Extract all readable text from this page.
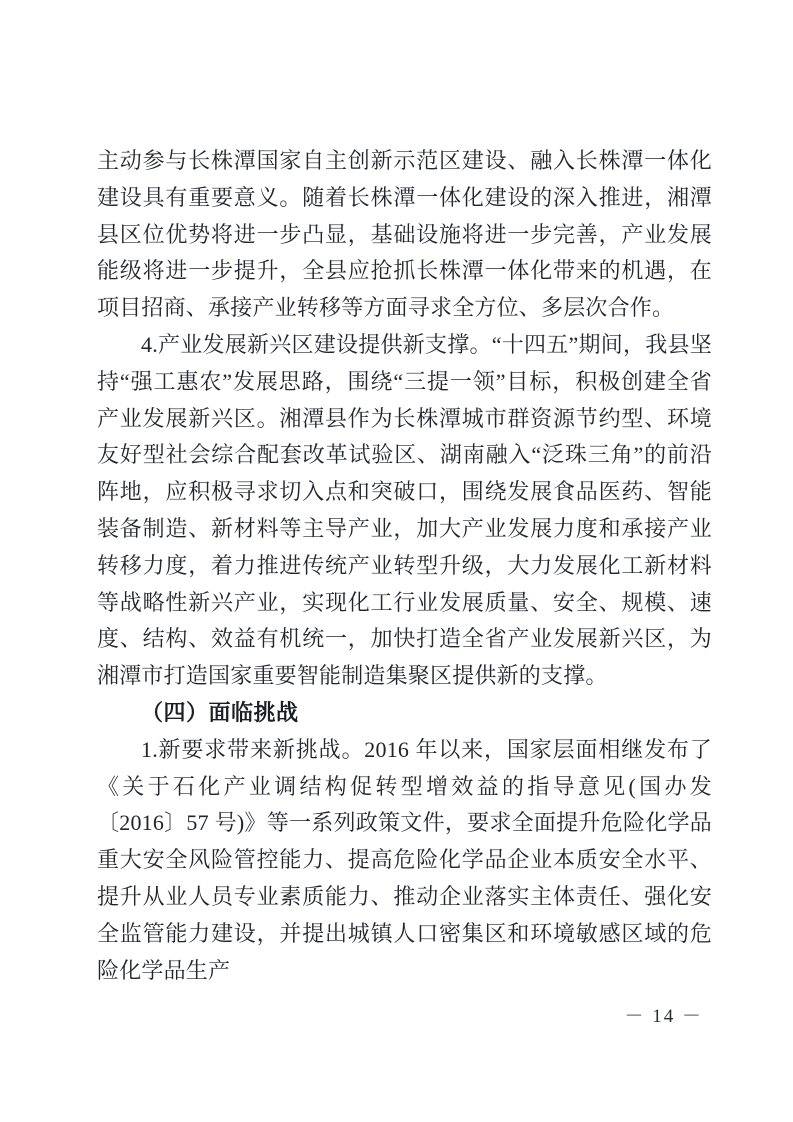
主动参与长株潭国家自主创新示范区建设、融入长株潭一体化建设具有重要意义。随着长株潭一体化建设的深入推进，湘潭县区位优势将进一步凸显，基础设施将进一步完善，产业发展能级将进一步提升，全县应抢抓长株潭一体化带来的机遇，在项目招商、承接产业转移等方面寻求全方位、多层次合作。

4.产业发展新兴区建设提供新支撑。“十四五”期间，我县坚持“强工惠农”发展思路，围绕“三提一领”目标，积极创建全省产业发展新兴区。湘潭县作为长株潭城市群资源节约型、环境友好型社会综合配套改革试验区、湖南融入“泛珠三角”的前沿阵地，应积极寻求切入点和突破口，围绕发展食品医药、智能装备制造、新材料等主导产业，加大产业发展力度和承接产业转移力度，着力推进传统产业转型升级，大力发展化工新材料等战略性新兴产业，实现化工行业发展质量、安全、规模、速度、结构、效益有机统一，加快打造全省产业发展新兴区，为湘潭市打造国家重要智能制造集聚区提供新的支撑。

（四）面临挑战

1.新要求带来新挑战。2016 年以来，国家层面相继发布了《关于石化产业调结构促转型增效益的指导意见(国办发〔2016〕57 号)》等一系列政策文件，要求全面提升危险化学品重大安全风险管控能力、提高危险化学品企业本质安全水平、提升从业人员专业素质能力、推动企业落实主体责任、强化安全监管能力建设，并提出城镇人口密集区和环境敏感区域的危险化学品生产

－ 14 －
